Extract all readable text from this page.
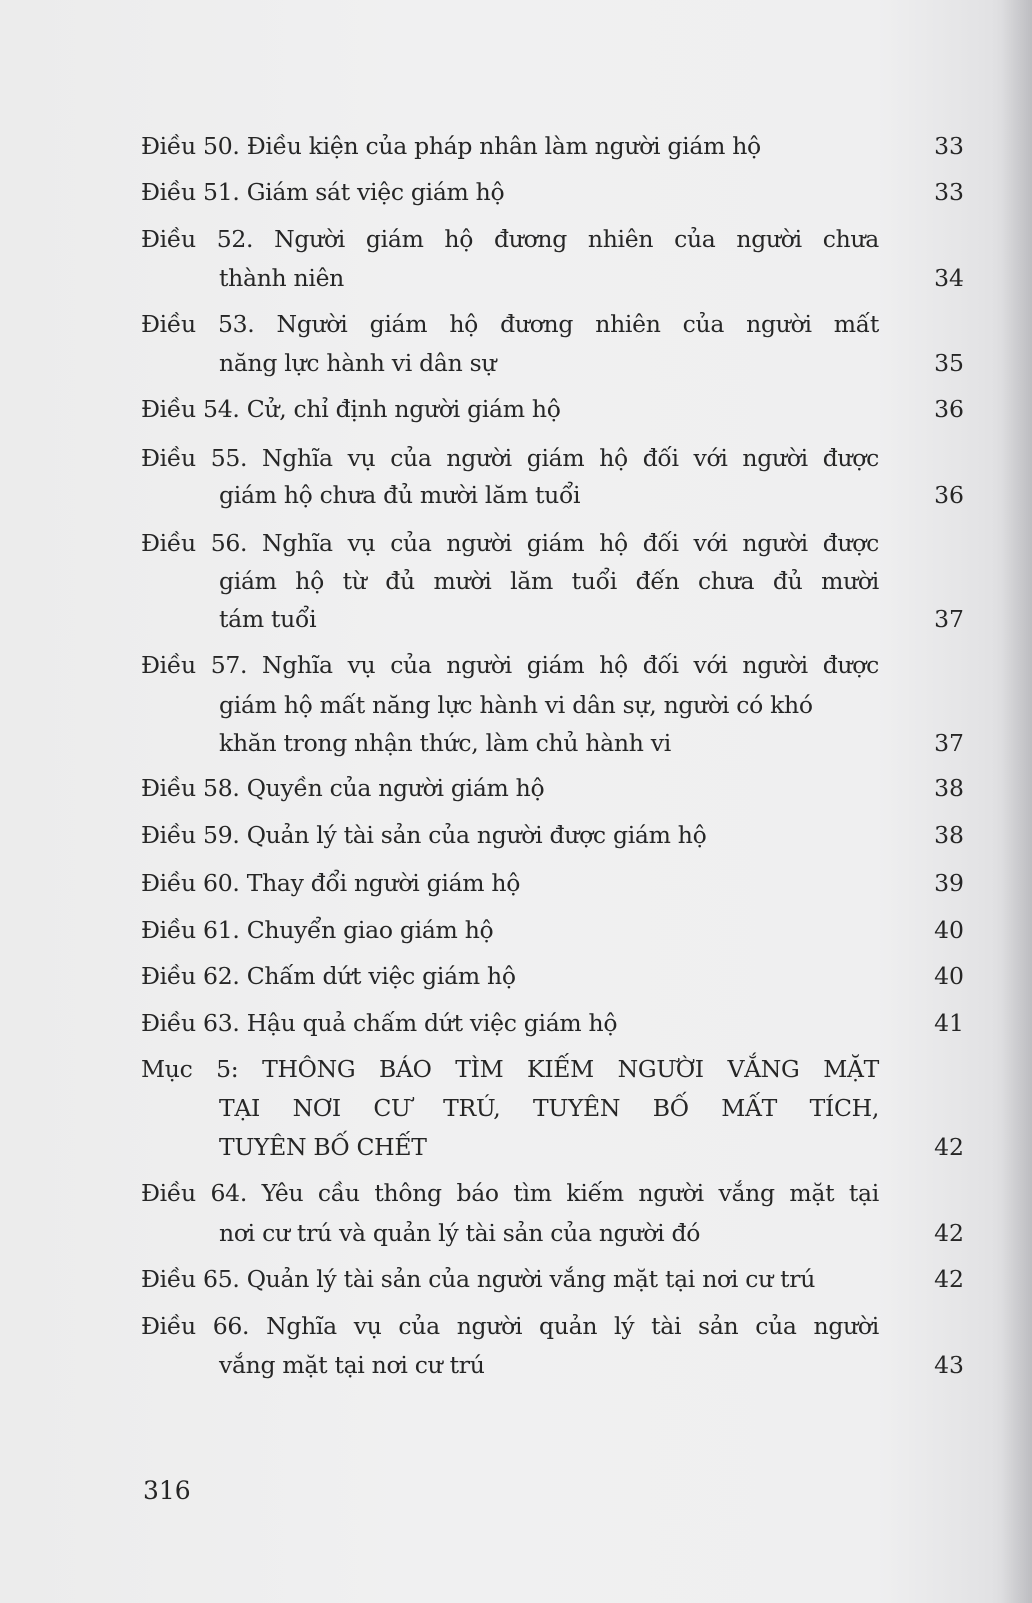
Điều 50. Điều kiện của pháp nhân làm người giám hộ	33
Điều 51. Giám sát việc giám hộ	33
Điều 52. Người giám hộ đương nhiên của người chưa
thành niên	34
Điều 53. Người giám hộ đương nhiên của người mất
năng lực hành vi dân sự	35
Điều 54. Cử, chỉ định người giám hộ	36
Điều 55. Nghĩa vụ của người giám hộ đối với người được
giám hộ chưa đủ mười lăm tuổi	36
Điều 56. Nghĩa vụ của người giám hộ đối với người được
giám hộ từ đủ mười lăm tuổi đến chưa đủ mười
tám tuổi	37
Điều 57. Nghĩa vụ của người giám hộ đối với người được
giám hộ mất năng lực hành vi dân sự, người có khó
khăn trong nhận thức, làm chủ hành vi	37
Điều 58. Quyền của người giám hộ	38
Điều 59. Quản lý tài sản của người được giám hộ	38
Điều 60. Thay đổi người giám hộ	39
Điều 61. Chuyển giao giám hộ	40
Điều 62. Chấm dứt việc giám hộ	40
Điều 63. Hậu quả chấm dứt việc giám hộ	41
Mục 5: THÔNG BÁO TÌM KIẾM NGƯỜI VẮNG MẶT
TẠI NƠI CƯ TRÚ, TUYÊN BỐ MẤT TÍCH,
TUYÊN BỐ CHẾT	42
Điều 64. Yêu cầu thông báo tìm kiếm người vắng mặt tại
nơi cư trú và quản lý tài sản của người đó	42
Điều 65. Quản lý tài sản của người vắng mặt tại nơi cư trú	42
Điều 66. Nghĩa vụ của người quản lý tài sản của người
vắng mặt tại nơi cư trú	43
316
